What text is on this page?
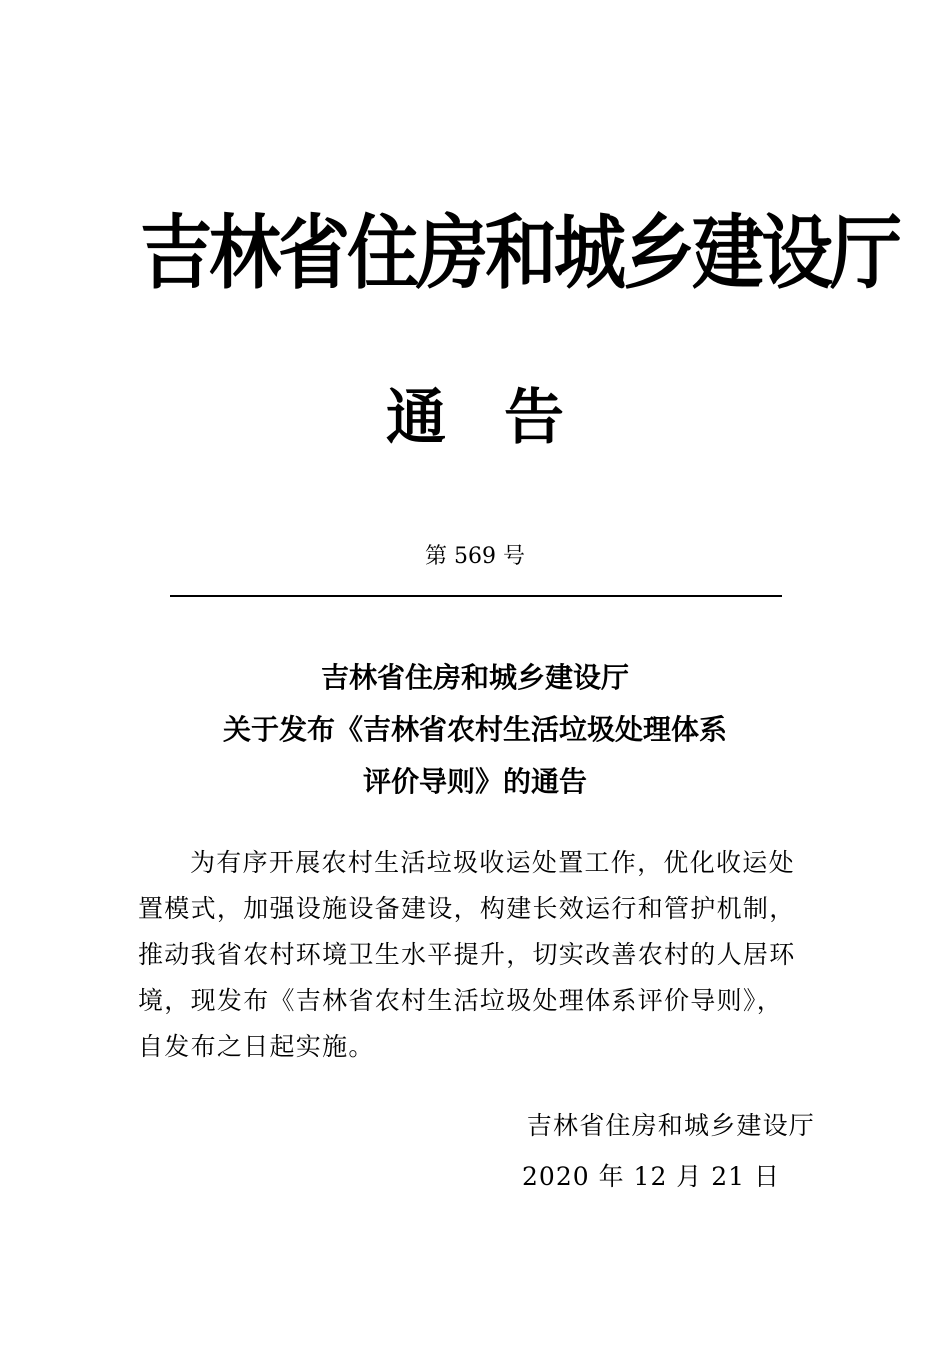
吉林省住房和城乡建设厅
通告
第 569 号
吉林省住房和城乡建设厅
关于发布《吉林省农村生活垃圾处理体系
评价导则》的通告
为有序开展农村生活垃圾收运处置工作，优化收运处
置模式，加强设施设备建设，构建长效运行和管护机制，
推动我省农村环境卫生水平提升，切实改善农村的人居环
境，现发布《吉林省农村生活垃圾处理体系评价导则》，
自发布之日起实施。
吉林省住房和城乡建设厅
2020 年 12 月 21 日
